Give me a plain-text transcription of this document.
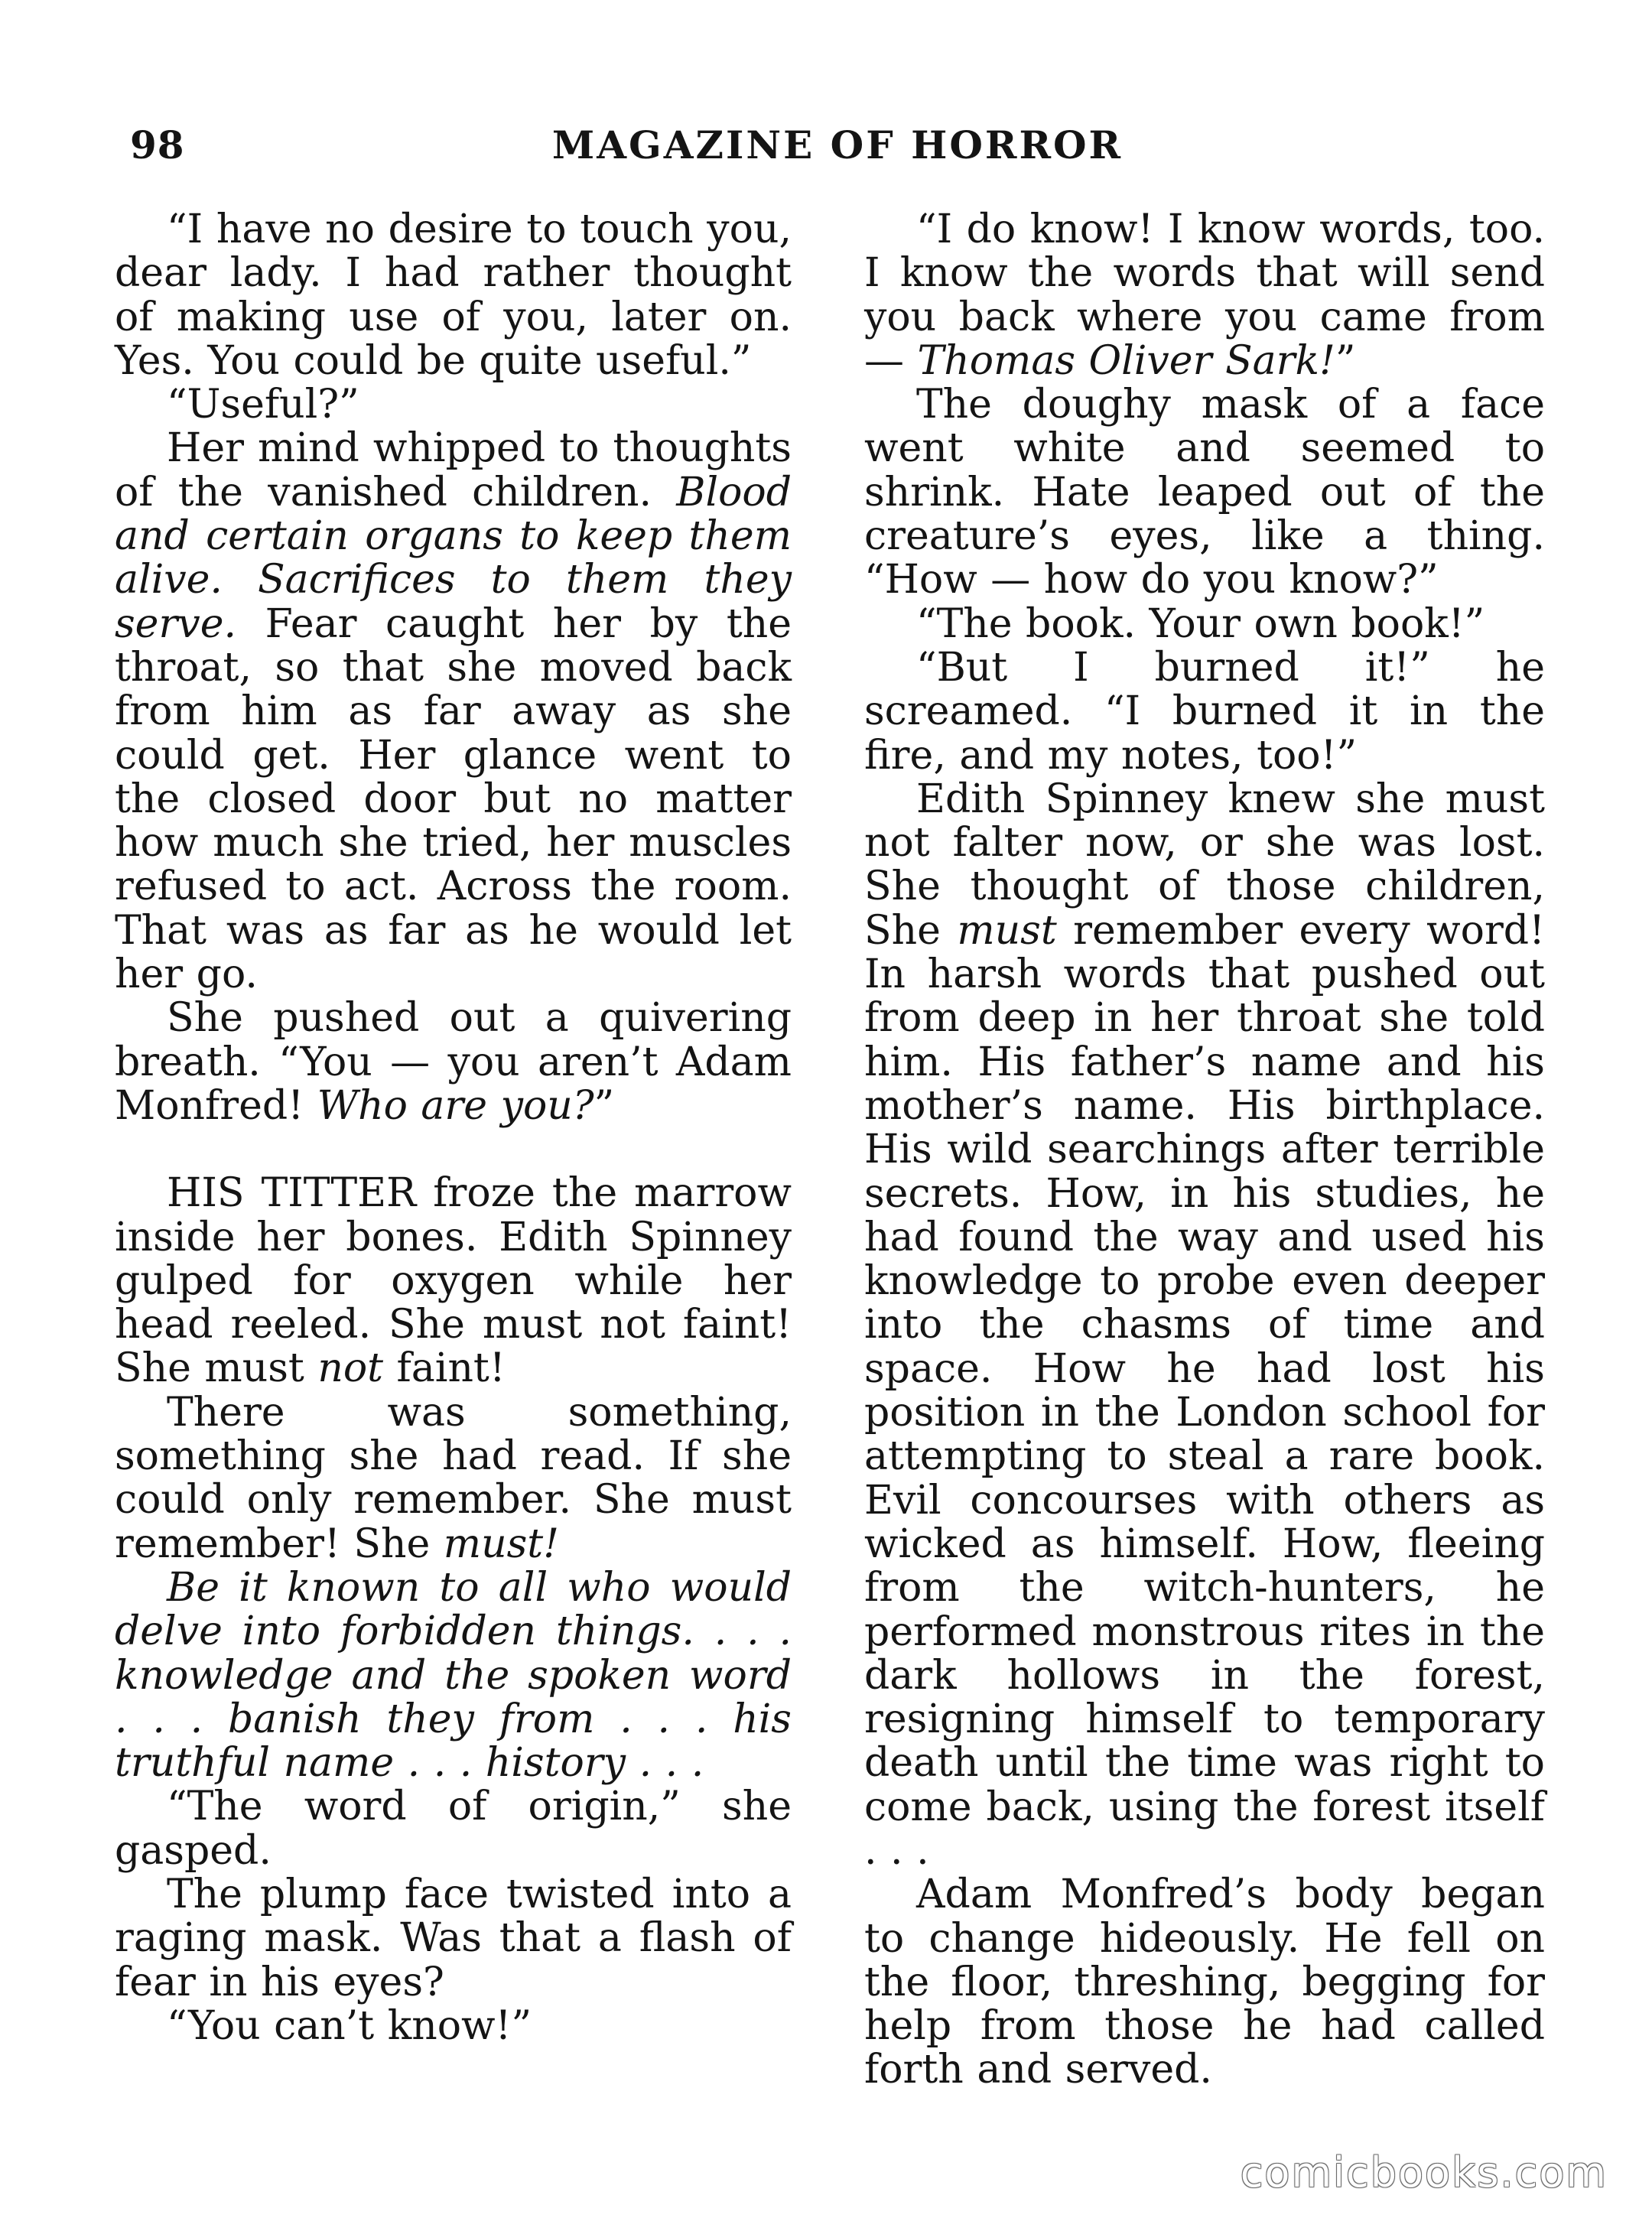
MAGAZINE OF HORROR
98

“I have no desire to touch you, dear lady. I had rather thought of making use of you, later on. Yes. You could be quite useful.”

“Useful?”

Her mind whipped to thoughts of the vanished children. Blood and certain organs to keep them alive. Sacrifices to them they serve. Fear caught her by the throat, so that she moved back from him as far away as she could get. Her glance went to the closed door but no matter how much she tried, her muscles refused to act. Across the room. That was as far as he would let her go.

She pushed out a quivering breath. “You — you aren’t Adam Monfred! Who are you?”

HIS TITTER froze the marrow inside her bones. Edith Spinney gulped for oxygen while her head reeled. She must not faint! She must not faint!

There was something, something she had read. If she could only remember. She must remember! She must!

Be it known to all who would delve into forbidden things. . . . knowledge and the spoken word . . . banish they from . . . his truthful name . . . history . . .

“The word of origin,” she gasped.

The plump face twisted into a raging mask. Was that a flash of fear in his eyes?

“You can’t know!”

“I do know! I know words, too. I know the words that will send you back where you came from — Thomas Oliver Sark!”

The doughy mask of a face went white and seemed to shrink. Hate leaped out of the creature’s eyes, like a thing. “How — how do you know?”

“The book. Your own book!”

“But I burned it!” he screamed. “I burned it in the fire, and my notes, too!”

Edith Spinney knew she must not falter now, or she was lost. She thought of those children, She must remember every word! In harsh words that pushed out from deep in her throat she told him. His father’s name and his mother’s name. His birthplace. His wild searchings after terrible secrets. How, in his studies, he had found the way and used his knowledge to probe even deeper into the chasms of time and space. How he had lost his position in the London school for attempting to steal a rare book. Evil concourses with others as wicked as himself. How, fleeing from the witch-hunters, he performed monstrous rites in the dark hollows in the forest, resigning himself to temporary death until the time was right to come back, using the forest itself . . .

Adam Monfred’s body began to change hideously. He fell on the floor, threshing, begging for help from those he had called forth and served.

comicbooks.com
